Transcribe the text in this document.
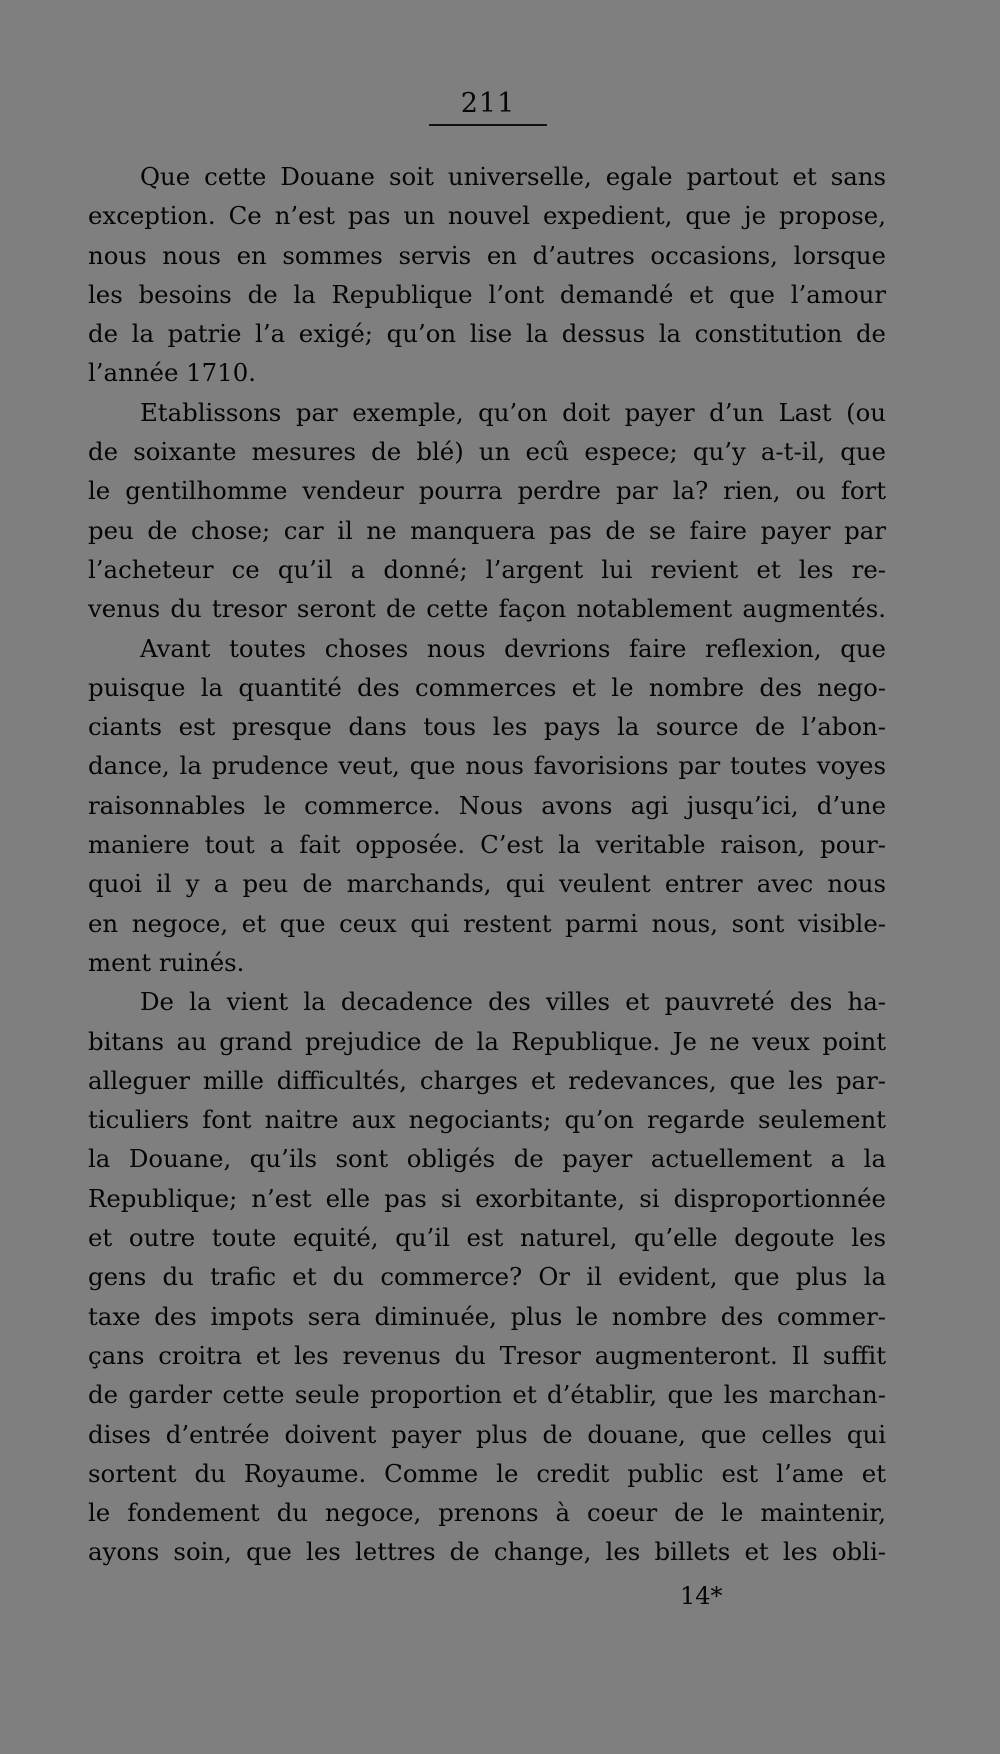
211
Que cette Douane soit universelle, egale partout et sans
exception. Ce n’est pas un nouvel expedient, que je propose,
nous nous en sommes servis en d’autres occasions, lorsque
les besoins de la Republique l’ont demandé et que l’amour
de la patrie l’a exigé; qu’on lise la dessus la constitution de
l’année 1710.
Etablissons par exemple, qu’on doit payer d’un Last (ou
de soixante mesures de blé) un ecû espece; qu’y a-t-il, que
le gentilhomme vendeur pourra perdre par la? rien, ou fort
peu de chose; car il ne manquera pas de se faire payer par
l’acheteur ce qu’il a donné; l’argent lui revient et les re-
venus du tresor seront de cette façon notablement augmentés.
Avant toutes choses nous devrions faire reflexion, que
puisque la quantité des commerces et le nombre des nego-
ciants est presque dans tous les pays la source de l’abon-
dance, la prudence veut, que nous favorisions par toutes voyes
raisonnables le commerce. Nous avons agi jusqu’ici, d’une
maniere tout a fait opposée. C’est la veritable raison, pour-
quoi il y a peu de marchands, qui veulent entrer avec nous
en negoce, et que ceux qui restent parmi nous, sont visible-
ment ruinés.
De la vient la decadence des villes et pauvreté des ha-
bitans au grand prejudice de la Republique. Je ne veux point
alleguer mille difficultés, charges et redevances, que les par-
ticuliers font naitre aux negociants; qu’on regarde seulement
la Douane, qu’ils sont obligés de payer actuellement a la
Republique; n’est elle pas si exorbitante, si disproportionnée
et outre toute equité, qu’il est naturel, qu’elle degoute les
gens du trafic et du commerce? Or il evident, que plus la
taxe des impots sera diminuée, plus le nombre des commer-
çans croitra et les revenus du Tresor augmenteront. Il suffit
de garder cette seule proportion et d’établir, que les marchan-
dises d’entrée doivent payer plus de douane, que celles qui
sortent du Royaume. Comme le credit public est l’ame et
le fondement du negoce, prenons à coeur de le maintenir,
ayons soin, que les lettres de change, les billets et les obli-
14*
